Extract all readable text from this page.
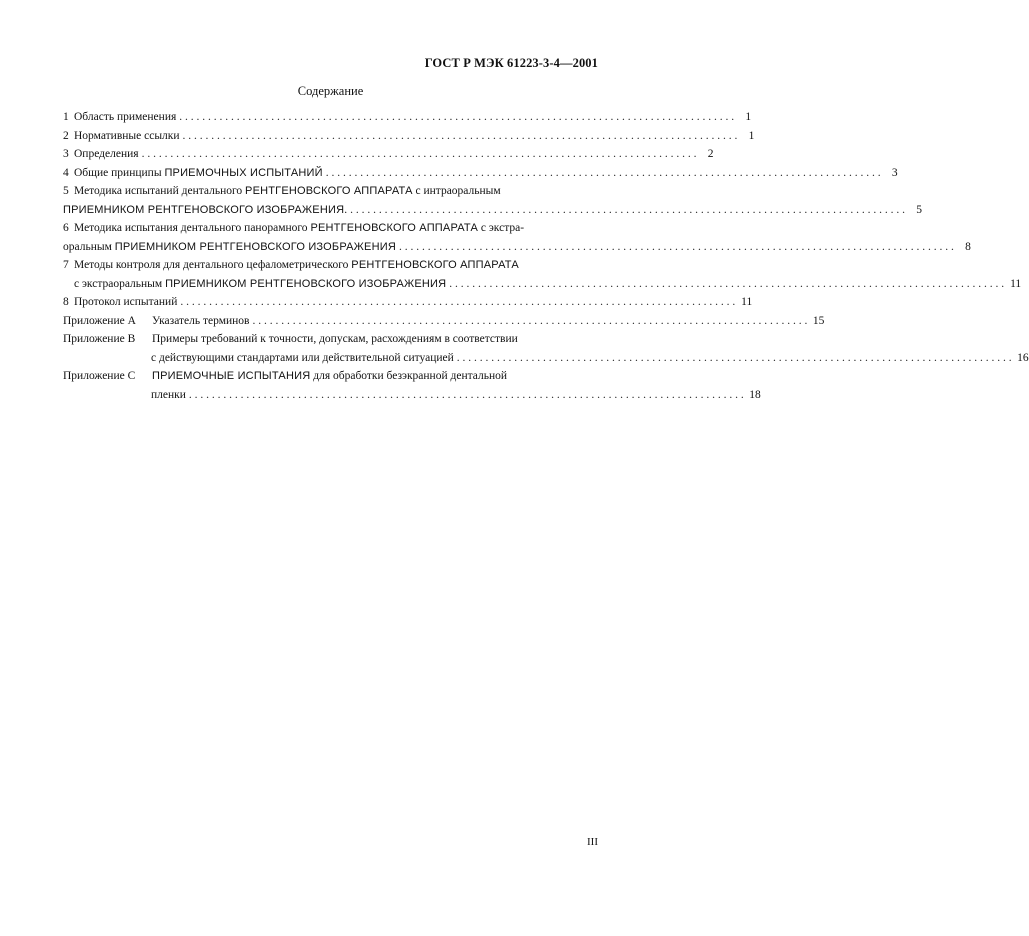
ГОСТ Р МЭК 61223-3-4—2001
Содержание
1 Область применения . . .	1
2 Нормативные ссылки . . .	1
3 Определения . . .	2
4 Общие принципы ПРИЕМОЧНЫХ ИСПЫТАНИЙ . . .	3
5 Методика испытаний дентального РЕНТГЕНОВСКОГО АППАРАТА с интраоральным
ПРИЕМНИКОМ РЕНТГЕНОВСКОГО ИЗОБРАЖЕНИЯ. . . .	5
6 Методика испытания дентального панорамного РЕНТГЕНОВСКОГО АППАРАТА с экстра-
оральным ПРИЕМНИКОМ РЕНТГЕНОВСКОГО ИЗОБРАЖЕНИЯ . . .	8
7 Методы контроля для дентального цефалометрического РЕНТГЕНОВСКОГО АППАРАТА
с экстраоральным ПРИЕМНИКОМ РЕНТГЕНОВСКОГО ИЗОБРАЖЕНИЯ . . .	11
8 Протокол испытаний . . .	11
Приложение А	Указатель терминов . . .	15
Приложение В	Примеры требований к точности, допускам, расхождениям в соответствии
с действующими стандартами или действительной ситуацией . . .	16
Приложение С	ПРИЕМОЧНЫЕ ИСПЫТАНИЯ для обработки безэкранной дентальной
пленки . . .	18
III
